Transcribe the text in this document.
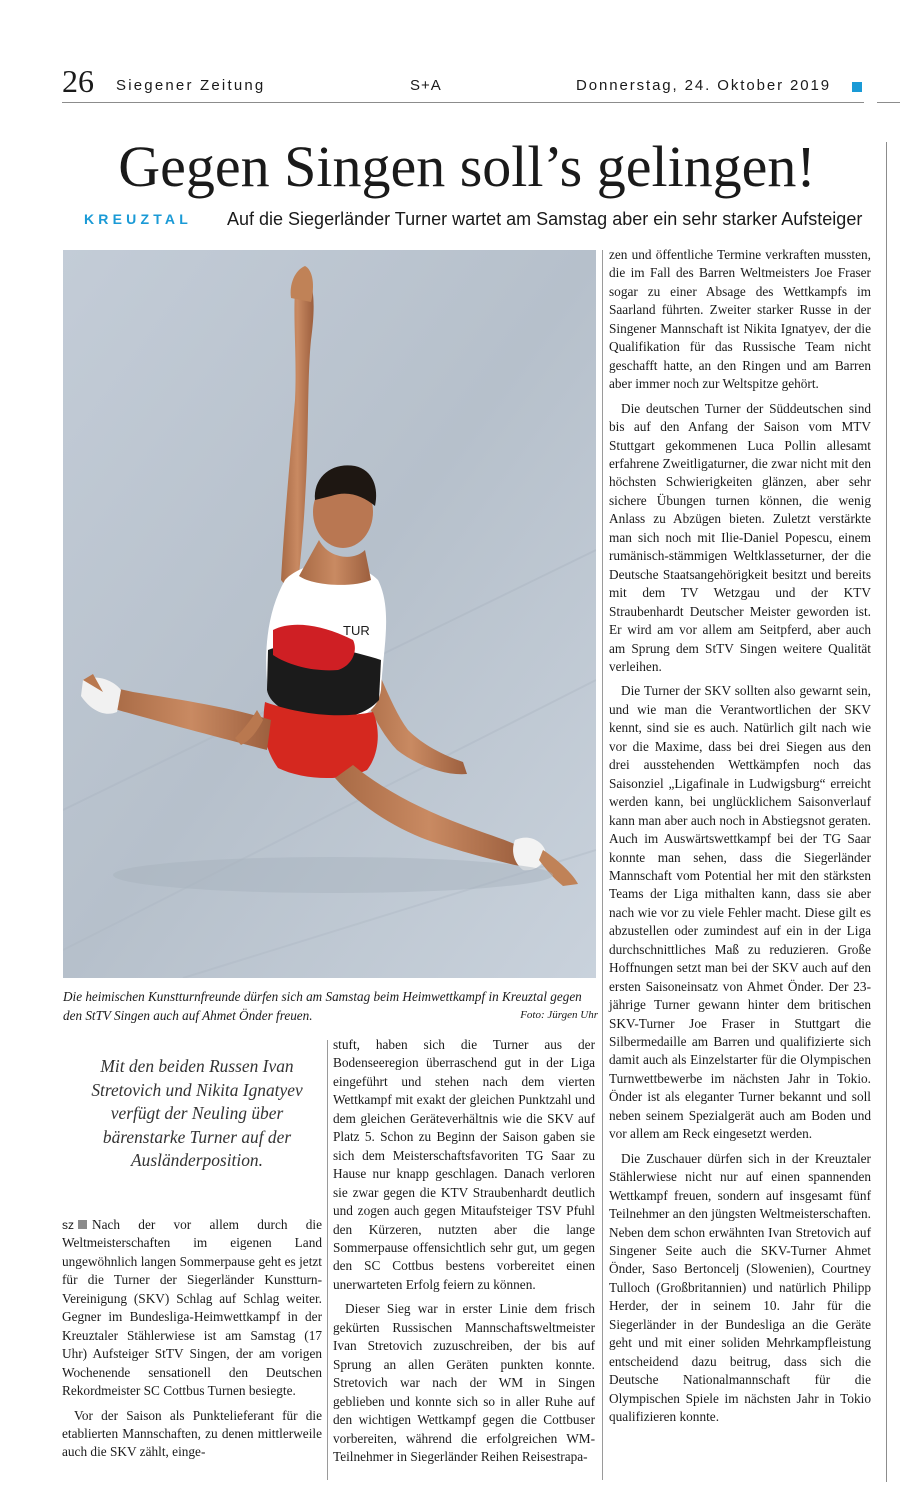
26 Siegener Zeitung	S+A	Donnerstag, 24. Oktober 2019
Gegen Singen soll’s gelingen!
KREUZTAL Auf die Siegerländer Turner wartet am Samstag aber ein sehr starker Aufsteiger
TUR
Die heimischen Kunstturnfreunde dürfen sich am Samstag beim Heimwettkampf in Kreuztal gegen den StTV Singen auch auf Ahmet Önder freuen.	Foto: Jürgen Uhr
Mit den beiden Russen Ivan Stretovich und Nikita Ignatyev verfügt der Neuling über bärenstarke Turner auf der Ausländerposition.

sz Nach der vor allem durch die Weltmeisterschaften im eigenen Land ungewöhnlich langen Sommerpause geht es jetzt für die Turner der Siegerländer Kunstturn-Vereinigung (SKV) Schlag auf Schlag weiter. Gegner im Bundesliga-Heimwettkampf in der Kreuztaler Stählerwiese ist am Samstag (17 Uhr) Aufsteiger StTV Singen, der am vorigen Wochenende sensationell den Deutschen Rekordmeister SC Cottbus Turnen besiegte.

Vor der Saison als Punktelieferant für die etablierten Mannschaften, zu denen mittlerweile auch die SKV zählt, einge-

stuft, haben sich die Turner aus der Bodenseeregion überraschend gut in der Liga eingeführt und stehen nach dem vierten Wettkampf mit exakt der gleichen Punktzahl und dem gleichen Geräteverhältnis wie die SKV auf Platz 5. Schon zu Beginn der Saison gaben sie sich dem Meisterschaftsfavoriten TG Saar zu Hause nur knapp geschlagen. Danach verloren sie zwar gegen die KTV Straubenhardt deutlich und zogen auch gegen Mitaufsteiger TSV Pfuhl den Kürzeren, nutzten aber die lange Sommerpause offensichtlich sehr gut, um gegen den SC Cottbus bestens vorbereitet einen unerwarteten Erfolg feiern zu können.

Dieser Sieg war in erster Linie dem frisch gekürten Russischen Mannschaftsweltmeister Ivan Stretovich zuzuschreiben, der bis auf Sprung an allen Geräten punkten konnte. Stretovich war nach der WM in Singen geblieben und konnte sich so in aller Ruhe auf den wichtigen Wettkampf gegen die Cottbuser vorbereiten, während die erfolgreichen WM-Teilnehmer in Siegerländer Reihen Reisestrapa-

zen und öffentliche Termine verkraften mussten, die im Fall des Barren Weltmeisters Joe Fraser sogar zu einer Absage des Wettkampfs im Saarland führten. Zweiter starker Russe in der Singener Mannschaft ist Nikita Ignatyev, der die Qualifikation für das Russische Team nicht geschafft hatte, an den Ringen und am Barren aber immer noch zur Weltspitze gehört.

Die deutschen Turner der Süddeutschen sind bis auf den Anfang der Saison vom MTV Stuttgart gekommenen Luca Pollin allesamt erfahrene Zweitligaturner, die zwar nicht mit den höchsten Schwierigkeiten glänzen, aber sehr sichere Übungen turnen können, die wenig Anlass zu Abzügen bieten. Zuletzt verstärkte man sich noch mit Ilie-Daniel Popescu, einem rumänisch-stämmigen Weltklasseturner, der die Deutsche Staatsangehörigkeit besitzt und bereits mit dem TV Wetzgau und der KTV Straubenhardt Deutscher Meister geworden ist. Er wird am vor allem am Seitpferd, aber auch am Sprung dem StTV Singen weitere Qualität verleihen.

Die Turner der SKV sollten also gewarnt sein, und wie man die Verantwortlichen der SKV kennt, sind sie es auch. Natürlich gilt nach wie vor die Maxime, dass bei drei Siegen aus den drei ausstehenden Wettkämpfen noch das Saisonziel „Ligafinale in Ludwigsburg“ erreicht werden kann, bei unglücklichem Saisonverlauf kann man aber auch noch in Abstiegsnot geraten. Auch im Auswärtswettkampf bei der TG Saar konnte man sehen, dass die Siegerländer Mannschaft vom Potential her mit den stärksten Teams der Liga mithalten kann, dass sie aber nach wie vor zu viele Fehler macht. Diese gilt es abzustellen oder zumindest auf ein in der Liga durchschnittliches Maß zu reduzieren. Große Hoffnungen setzt man bei der SKV auch auf den ersten Saisoneinsatz von Ahmet Önder. Der 23-jährige Turner gewann hinter dem britischen SKV-Turner Joe Fraser in Stuttgart die Silbermedaille am Barren und qualifizierte sich damit auch als Einzelstarter für die Olympischen Turnwettbewerbe im nächsten Jahr in Tokio. Önder ist als eleganter Turner bekannt und soll neben seinem Spezialgerät auch am Boden und vor allem am Reck eingesetzt werden.

Die Zuschauer dürfen sich in der Kreuztaler Stählerwiese nicht nur auf einen spannenden Wettkampf freuen, sondern auf insgesamt fünf Teilnehmer an den jüngsten Weltmeisterschaften. Neben dem schon erwähnten Ivan Stretovich auf Singener Seite auch die SKV-Turner Ahmet Önder, Saso Bertoncelj (Slowenien), Courtney Tulloch (Großbritannien) und natürlich Philipp Herder, der in seinem 10. Jahr für die Siegerländer in der Bundesliga an die Geräte geht und mit einer soliden Mehrkampfleistung entscheidend dazu beitrug, dass sich die Deutsche Nationalmannschaft für die Olympischen Spiele im nächsten Jahr in Tokio qualifizieren konnte.
